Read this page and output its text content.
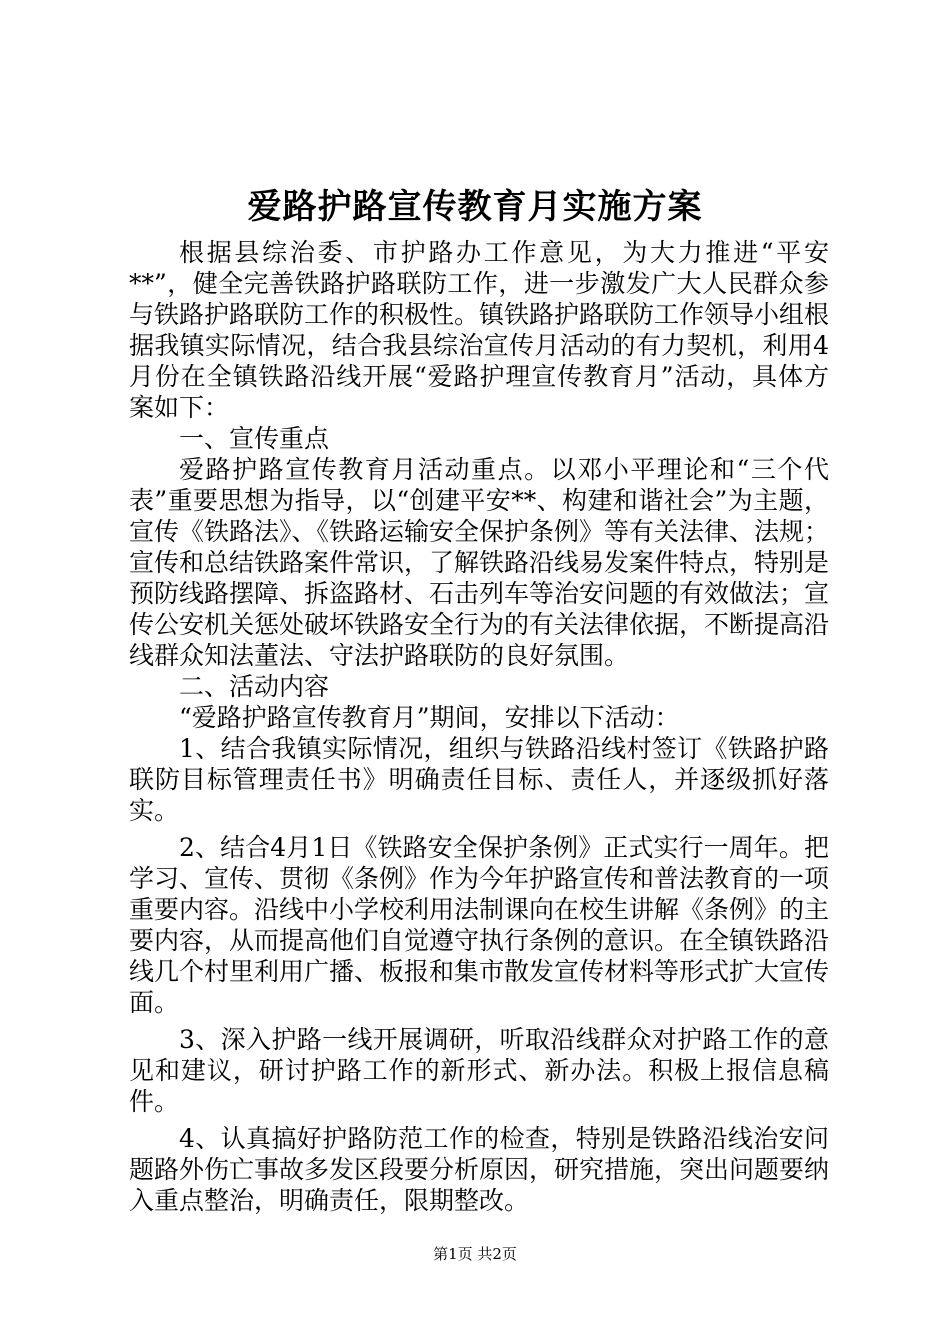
爱路护路宣传教育月实施方案

根据县综治委、市护路办工作意见，为大力推进“平安**”，健全完善铁路护路联防工作，进一步激发广大人民群众参与铁路护路联防工作的积极性。镇铁路护路联防工作领导小组根据我镇实际情况，结合我县综治宣传月活动的有力契机，利用4月份在全镇铁路沿线开展“爱路护理宣传教育月”活动，具体方案如下：

一、宣传重点

爱路护路宣传教育月活动重点。以邓小平理论和“三个代表”重要思想为指导，以“创建平安**、构建和谐社会”为主题，宣传《铁路法》、《铁路运输安全保护条例》等有关法律、法规；宣传和总结铁路案件常识，了解铁路沿线易发案件特点，特别是预防线路摆障、拆盗路材、石击列车等治安问题的有效做法；宣传公安机关惩处破坏铁路安全行为的有关法律依据，不断提高沿线群众知法董法、守法护路联防的良好氛围。

二、活动内容

“爱路护路宣传教育月”期间，安排以下活动：

1、结合我镇实际情况，组织与铁路沿线村签订《铁路护路联防目标管理责任书》明确责任目标、责任人，并逐级抓好落实。

2、结合4月1日《铁路安全保护条例》正式实行一周年。把学习、宣传、贯彻《条例》作为今年护路宣传和普法教育的一项重要内容。沿线中小学校利用法制课向在校生讲解《条例》的主要内容，从而提高他们自觉遵守执行条例的意识。在全镇铁路沿线几个村里利用广播、板报和集市散发宣传材料等形式扩大宣传面。

3、深入护路一线开展调研，听取沿线群众对护路工作的意见和建议，研讨护路工作的新形式、新办法。积极上报信息稿件。

4、认真搞好护路防范工作的检查，特别是铁路沿线治安问题路外伤亡事故多发区段要分析原因，研究措施，突出问题要纳入重点整治，明确责任，限期整改。

第1页 共2页
